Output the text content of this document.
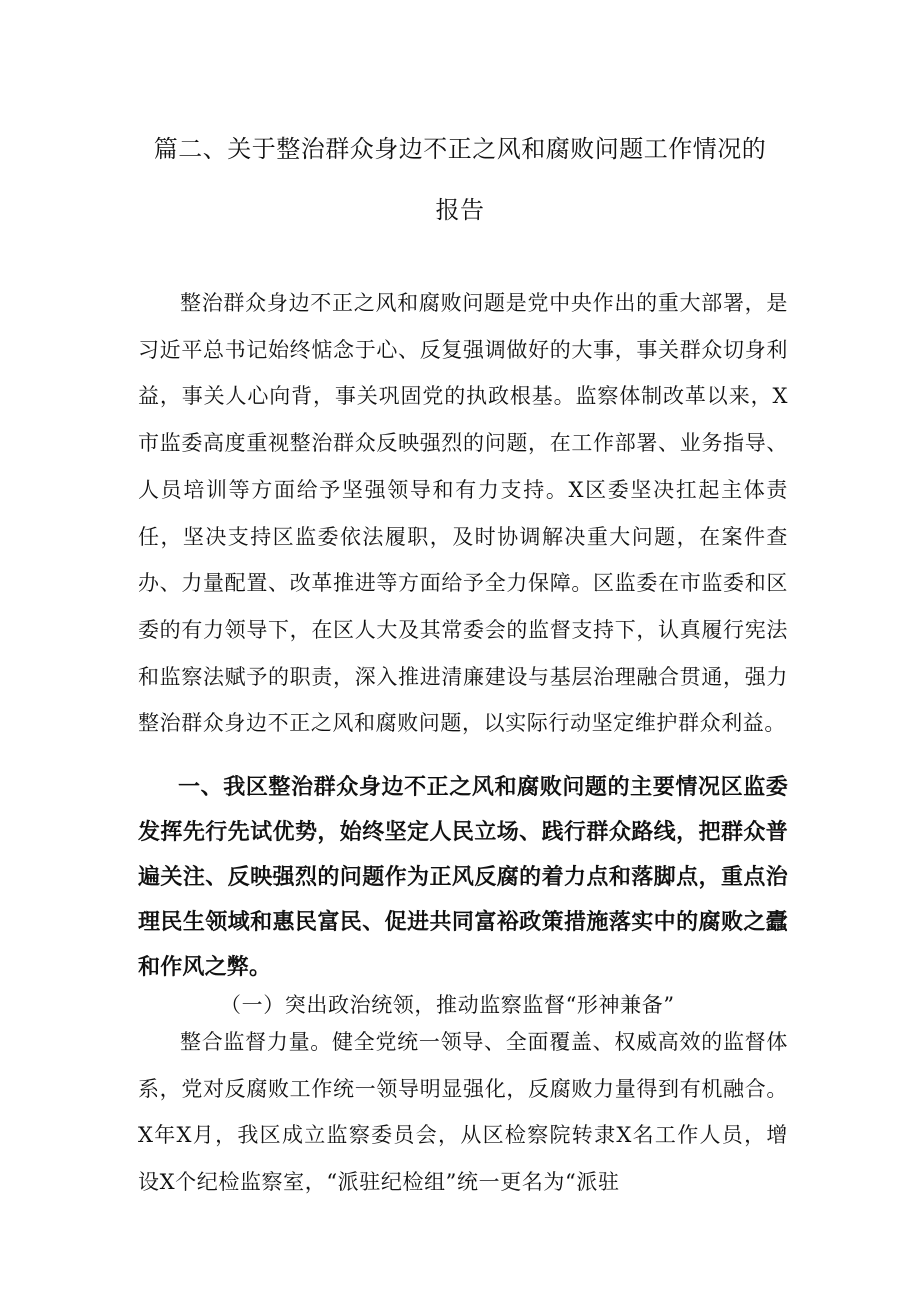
篇二、关于整治群众身边不正之风和腐败问题工作情况的
报告

整治群众身边不正之风和腐败问题是党中央作出的重大部署，是习近平总书记始终惦念于心、反复强调做好的大事，事关群众切身利益，事关人心向背，事关巩固党的执政根基。监察体制改革以来，X市监委高度重视整治群众反映强烈的问题，在工作部署、业务指导、人员培训等方面给予坚强领导和有力支持。X区委坚决扛起主体责任，坚决支持区监委依法履职，及时协调解决重大问题，在案件查办、力量配置、改革推进等方面给予全力保障。区监委在市监委和区委的有力领导下，在区人大及其常委会的监督支持下，认真履行宪法和监察法赋予的职责，深入推进清廉建设与基层治理融合贯通，强力整治群众身边不正之风和腐败问题，以实际行动坚定维护群众利益。

一、我区整治群众身边不正之风和腐败问题的主要情况区监委发挥先行先试优势，始终坚定人民立场、践行群众路线，把群众普遍关注、反映强烈的问题作为正风反腐的着力点和落脚点，重点治理民生领域和惠民富民、促进共同富裕政策措施落实中的腐败之蠹和作风之弊。

（一）突出政治统领，推动监察监督“形神兼备”

整合监督力量。健全党统一领导、全面覆盖、权威高效的监督体系，党对反腐败工作统一领导明显强化，反腐败力量得到有机融合。X年X月，我区成立监察委员会，从区检察院转隶X名工作人员，增设X个纪检监察室，“派驻纪检组”统一更名为“派驻
